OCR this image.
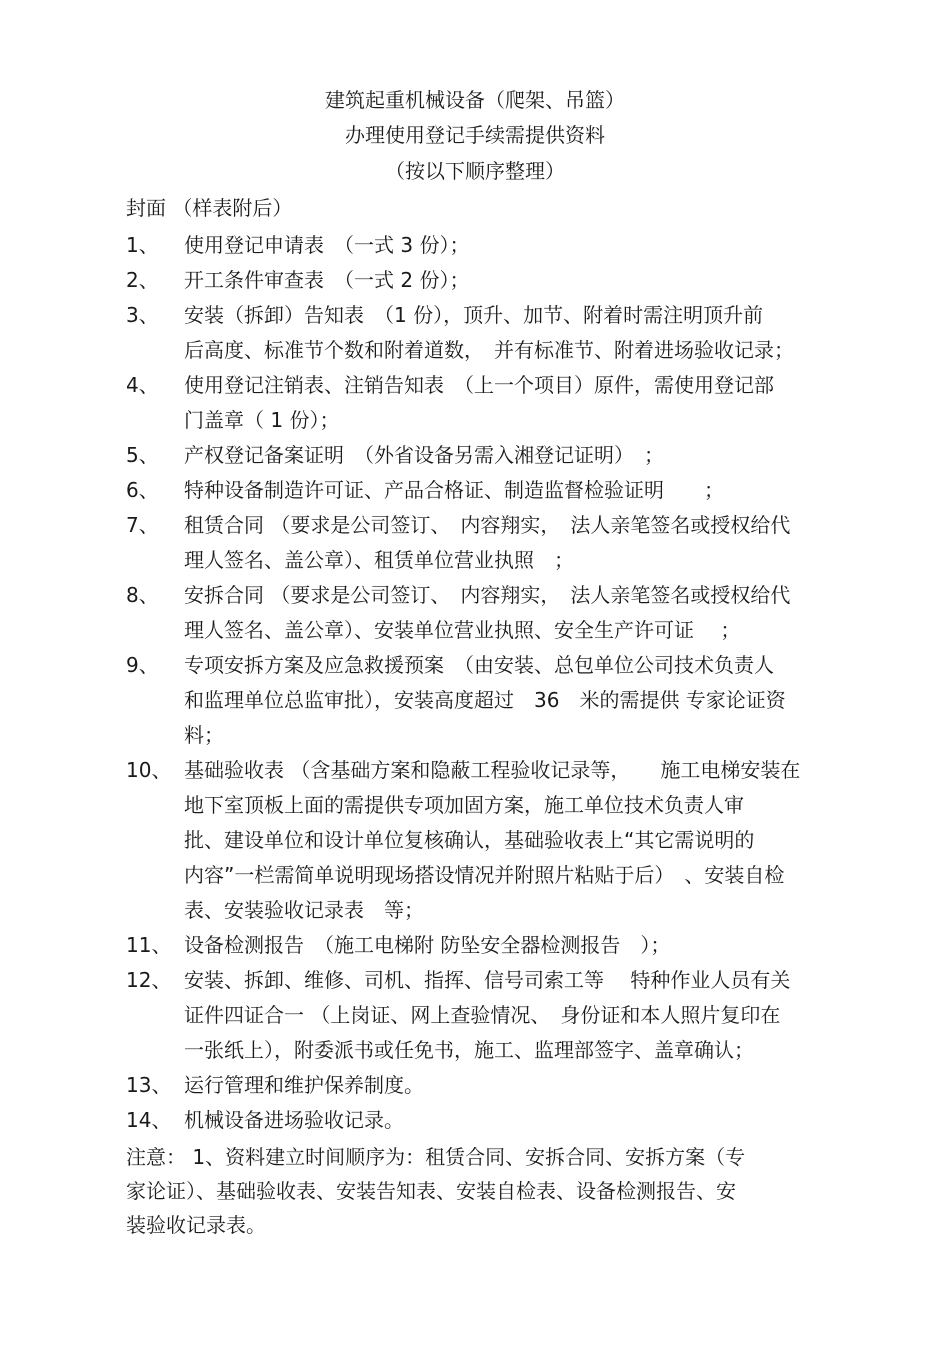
建筑起重机械设备（爬架、吊篮）
办理使用登记手续需提供资料
（按以下顺序整理）
封面 （样表附后）
1、	使用登记申请表　（一式 3 份）；
2、	开工条件审查表　（一式 2 份）；
3、	安装（拆卸）告知表　（1 份），顶升、加节、附着时需注明顶升前
后高度、标准节个数和附着道数，　并有标准节、附着进场验收记录；
4、	使用登记注销表、注销告知表　（上一个项目）原件，需使用登记部
门盖章（ 1 份）；
5、	产权登记备案证明　（外省设备另需入湘登记证明）　；
6、	特种设备制造许可证、产品合格证、制造监督检验证明　　；
7、	租赁合同 （要求是公司签订、　内容翔实，　法人亲笔签名或授权给代
理人签名、盖公章）、租赁单位营业执照　；
8、	安拆合同 （要求是公司签订、　内容翔实，　法人亲笔签名或授权给代
理人签名、盖公章）、安装单位营业执照、安全生产许可证　 ；
9、	专项安拆方案及应急救援预案　（由安装、总包单位公司技术负责人
和监理单位总监审批），安装高度超过　36　米的需提供 专家论证资
料；
10、 基础验收表 （含基础方案和隐蔽工程验收记录等，　　施工电梯安装在
地下室顶板上面的需提供专项加固方案，施工单位技术负责人审
批、建设单位和设计单位复核确认，基础验收表上“其它需说明的
内容”一栏需简单说明现场搭设情况并附照片粘贴于后）　、安装自检
表、安装验收记录表　等；
11、 设备检测报告　（施工电梯附 防坠安全器检测报告　）；
12、 安装、拆卸、维修、司机、指挥、信号司索工等　 特种作业人员有关
证件四证合一 （上岗证、网上查验情况、　身份证和本人照片复印在
一张纸上），附委派书或任免书，施工、监理部签字、盖章确认；
13、 运行管理和维护保养制度。
14、 机械设备进场验收记录。
注意： 1、资料建立时间顺序为：租赁合同、安拆合同、安拆方案（专
家论证）、基础验收表、安装告知表、安装自检表、设备检测报告、安
装验收记录表。
